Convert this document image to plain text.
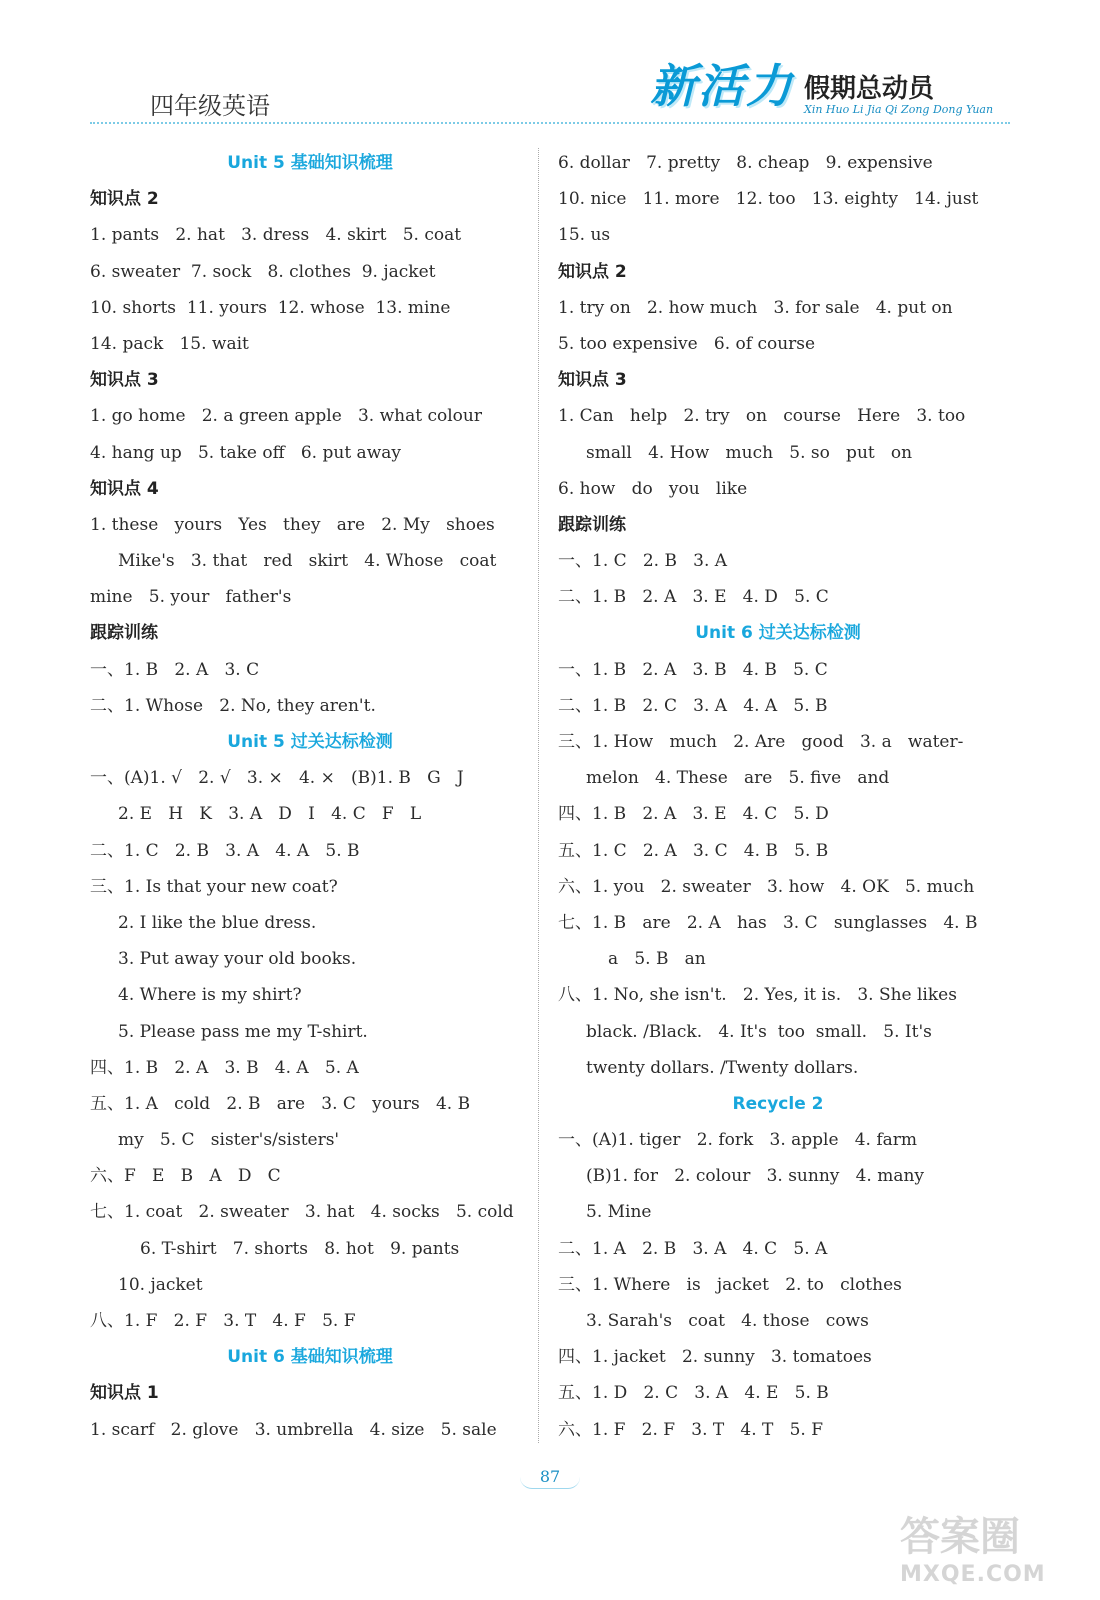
四年级英语	新活力 假期总动员
Xin Huo Li Jia Qi Zong Dong Yuan
Unit 5 基础知识梳理
知识点 2
1. pants   2. hat   3. dress   4. skirt   5. coat
6. sweater  7. sock   8. clothes  9. jacket
10. shorts  11. yours  12. whose  13. mine
14. pack   15. wait
知识点 3
1. go home   2. a green apple   3. what colour
4. hang up   5. take off   6. put away
知识点 4
1. these   yours   Yes   they   are   2. My   shoes
Mike's   3. that   red   skirt   4. Whose   coat
mine   5. your   father's
跟踪训练
一、1. B   2. A   3. C
二、1. Whose   2. No, they aren't.
Unit 5 过关达标检测
一、(A)1. √   2. √   3. ×   4. ×   (B)1. B   G   J
2. E   H   K   3. A   D   I   4. C   F   L
二、1. C   2. B   3. A   4. A   5. B
三、1. Is that your new coat?
2. I like the blue dress.
3. Put away your old books.
4. Where is my shirt?
5. Please pass me my T-shirt.
四、1. B   2. A   3. B   4. A   5. A
五、1. A   cold   2. B   are   3. C   yours   4. B
my   5. C   sister's/sisters'
六、F   E   B   A   D   C
七、1. coat   2. sweater   3. hat   4. socks   5. cold
6. T-shirt   7. shorts   8. hot   9. pants
10. jacket
八、1. F   2. F   3. T   4. F   5. F
Unit 6 基础知识梳理
知识点 1
1. scarf   2. glove   3. umbrella   4. size   5. sale
6. dollar   7. pretty   8. cheap   9. expensive
10. nice   11. more   12. too   13. eighty   14. just
15. us
知识点 2
1. try on   2. how much   3. for sale   4. put on
5. too expensive   6. of course
知识点 3
1. Can   help   2. try   on   course   Here   3. too
small   4. How   much   5. so   put   on
6. how   do   you   like
跟踪训练
一、1. C   2. B   3. A
二、1. B   2. A   3. E   4. D   5. C
Unit 6 过关达标检测
一、1. B   2. A   3. B   4. B   5. C
二、1. B   2. C   3. A   4. A   5. B
三、1. How   much   2. Are   good   3. a   water-
melon   4. These   are   5. five   and
四、1. B   2. A   3. E   4. C   5. D
五、1. C   2. A   3. C   4. B   5. B
六、1. you   2. sweater   3. how   4. OK   5. much
七、1. B   are   2. A   has   3. C   sunglasses   4. B
a   5. B   an
八、1. No, she isn't.   2. Yes, it is.   3. She likes
black. /Black.   4. It's  too  small.   5. It's
twenty dollars. /Twenty dollars.
Recycle 2
一、(A)1. tiger   2. fork   3. apple   4. farm
(B)1. for   2. colour   3. sunny   4. many
5. Mine
二、1. A   2. B   3. A   4. C   5. A
三、1. Where   is   jacket   2. to   clothes
3. Sarah's   coat   4. those   cows
四、1. jacket   2. sunny   3. tomatoes
五、1. D   2. C   3. A   4. E   5. B
六、1. F   2. F   3. T   4. T   5. F
87
答案圈
MXQE.COM
